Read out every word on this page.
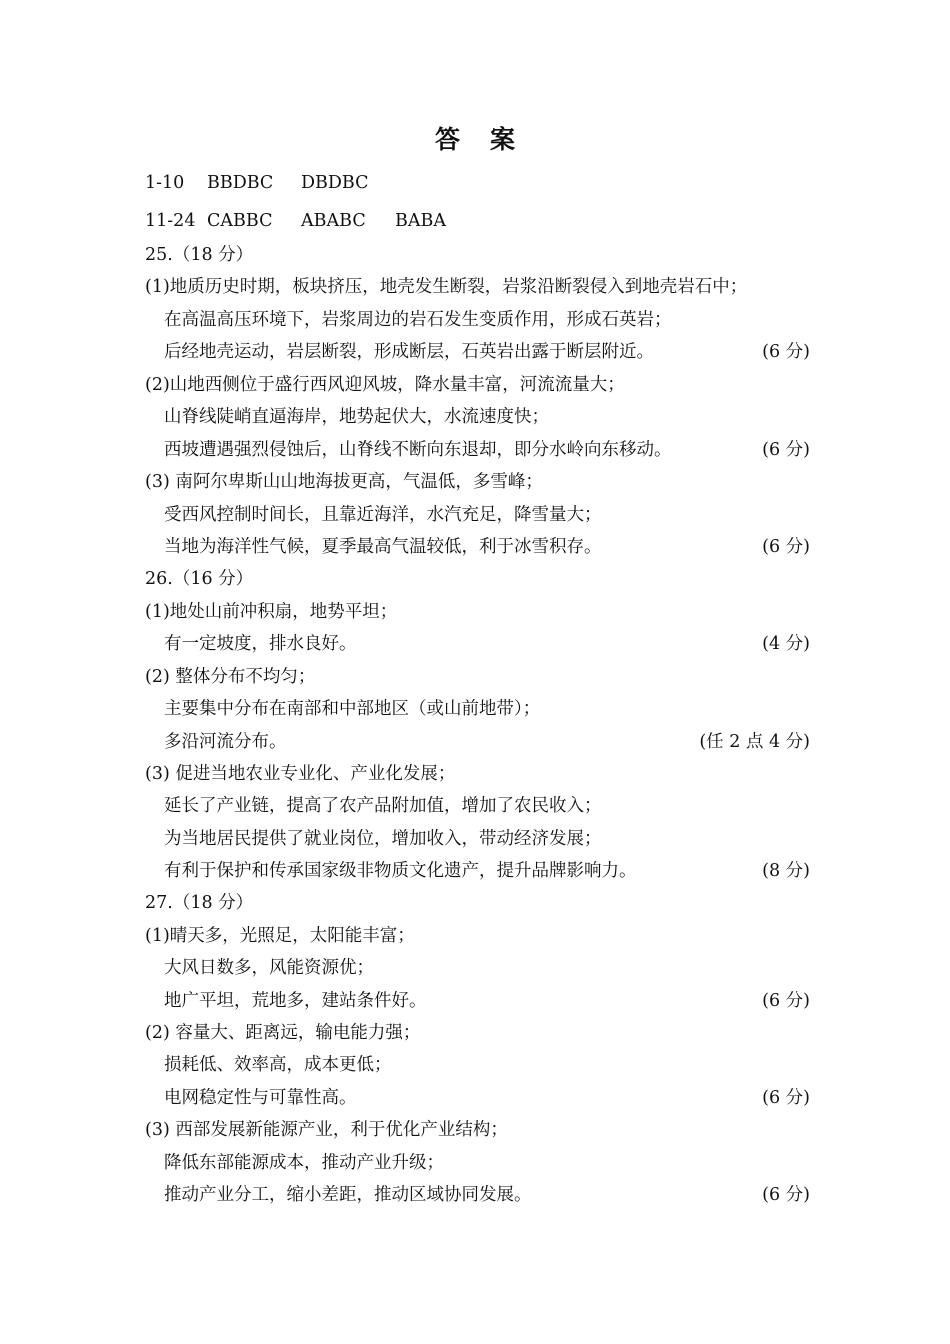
答 案
1-10 BBDBC DBDBC
11-24 CABBC ABABC BABA
25.（18 分）
(1)地质历史时期，板块挤压，地壳发生断裂，岩浆沿断裂侵入到地壳岩石中；
在高温高压环境下，岩浆周边的岩石发生变质作用，形成石英岩；
后经地壳运动，岩层断裂，形成断层，石英岩出露于断层附近。	(6 分)
(2)山地西侧位于盛行西风迎风坡，降水量丰富，河流流量大；
山脊线陡峭直逼海岸，地势起伏大，水流速度快；
西坡遭遇强烈侵蚀后，山脊线不断向东退却，即分水岭向东移动。	(6 分)
(3) 南阿尔卑斯山山地海拔更高，气温低，多雪峰；
受西风控制时间长，且靠近海洋，水汽充足，降雪量大；
当地为海洋性气候，夏季最高气温较低，利于冰雪积存。	(6 分)
26.（16 分）
(1)地处山前冲积扇，地势平坦；
有一定坡度，排水良好。	(4 分)
(2) 整体分布不均匀；
主要集中分布在南部和中部地区（或山前地带）；
多沿河流分布。	(任 2 点 4 分)
(3) 促进当地农业专业化、产业化发展；
延长了产业链，提高了农产品附加值，增加了农民收入；
为当地居民提供了就业岗位，增加收入，带动经济发展；
有利于保护和传承国家级非物质文化遗产，提升品牌影响力。	(8 分)
27.（18 分）
(1)晴天多，光照足，太阳能丰富；
大风日数多，风能资源优；
地广平坦，荒地多，建站条件好。	(6 分)
(2) 容量大、距离远，输电能力强；
损耗低、效率高，成本更低；
电网稳定性与可靠性高。	(6 分)
(3) 西部发展新能源产业，利于优化产业结构；
降低东部能源成本，推动产业升级；
推动产业分工，缩小差距，推动区域协同发展。	(6 分)
